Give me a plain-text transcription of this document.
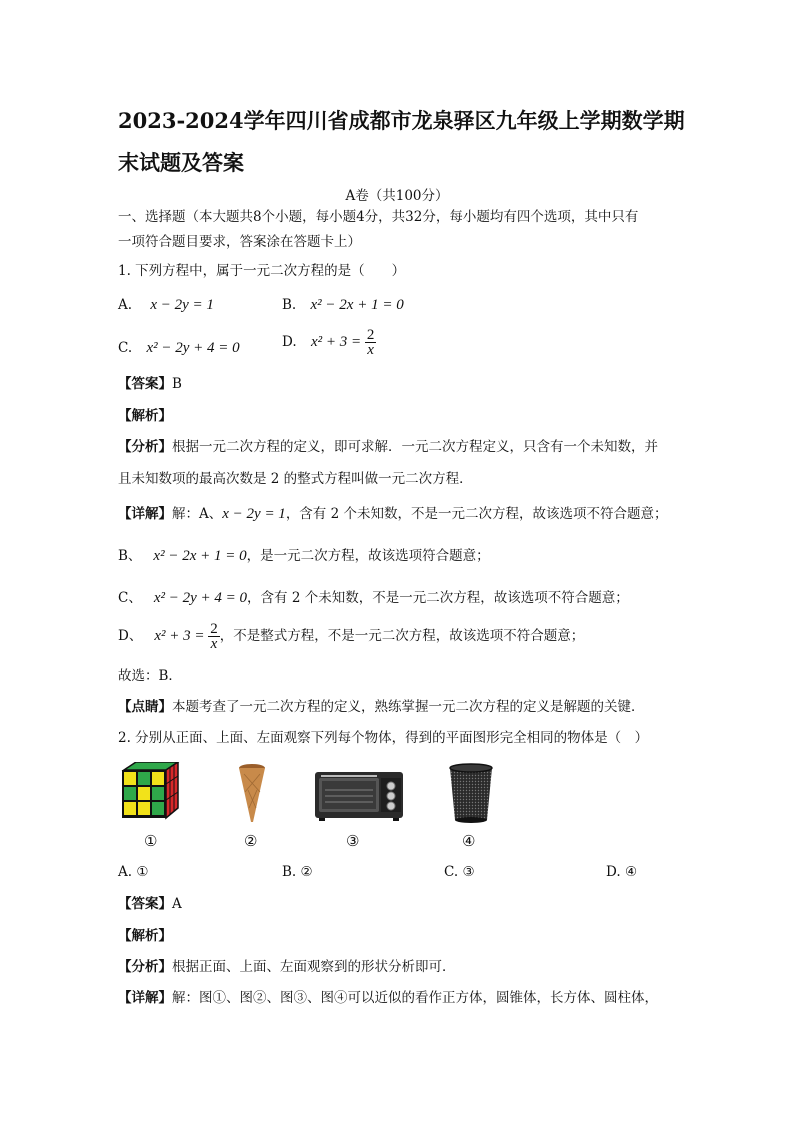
2023-2024学年四川省成都市龙泉驿区九年级上学期数学期
末试题及答案
A卷（共100分）
一、选择题（本大题共8个小题，每小题4分，共32分，每小题均有四个选项，其中只有
一项符合题目要求，答案涂在答题卡上）
1. 下列方程中，属于一元二次方程的是（　　）
A. x − 2y = 1	B. x² − 2x + 1 = 0
C. x² − 2y + 4 = 0	D. $x^2 + 3 = \frac{2}{x}$
【答案】B
【解析】
【分析】根据一元二次方程的定义，即可求解．一元二次方程定义，只含有一个未知数，并
且未知数项的最高次数是 2 的整式方程叫做一元二次方程．
【详解】解：A、x − 2y = 1，含有 2 个未知数，不是一元二次方程，故该选项不符合题意；
B、 x² − 2x + 1 = 0，是一元二次方程，故该选项符合题意；
C、 x² − 2y + 4 = 0，含有 2 个未知数，不是一元二次方程，故该选项不符合题意；
D、 $x^2 + 3 = \frac{2}{x}$ ，不是整式方程，不是一元二次方程，故该选项不符合题意；
故选：B．
【点睛】本题考查了一元二次方程的定义，熟练掌握一元二次方程的定义是解题的关键．
2. 分别从正面、上面、左面观察下列每个物体，得到的平面图形完全相同的物体是（　）
①	②	③	④
A. ①	B. ②	C. ③	D. ④
【答案】A
【解析】
【分析】根据正面、上面、左面观察到的形状分析即可．
【详解】解：图①、图②、图③、图④可以近似的看作正方体，圆锥体，长方体、圆柱体，
